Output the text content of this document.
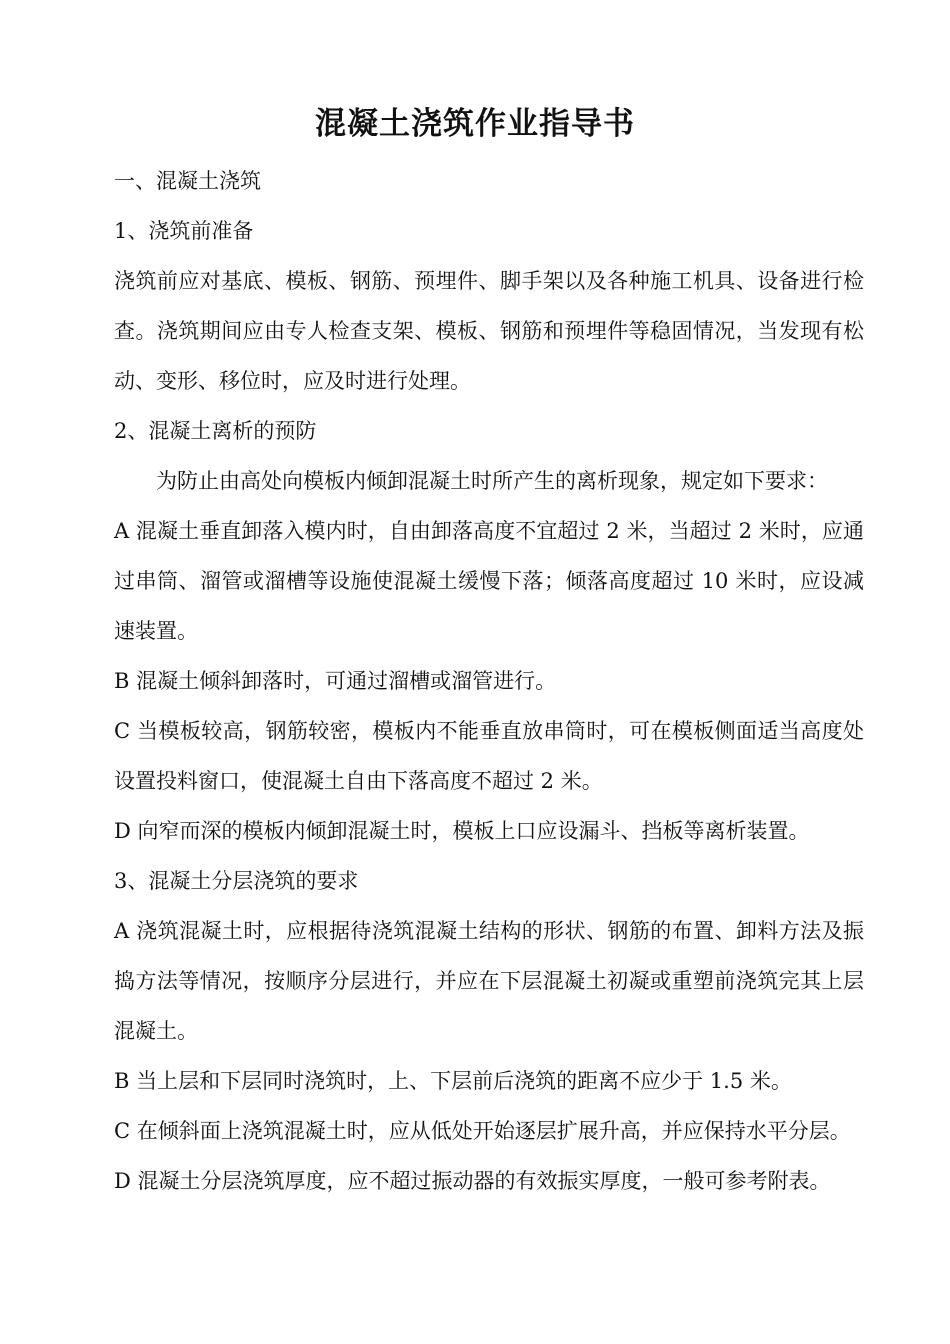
混凝土浇筑作业指导书

一、混凝土浇筑

1、浇筑前准备

浇筑前应对基底、模板、钢筋、预埋件、脚手架以及各种施工机具、设备进行检查。浇筑期间应由专人检查支架、模板、钢筋和预埋件等稳固情况，当发现有松动、变形、移位时，应及时进行处理。

2、混凝土离析的预防

为防止由高处向模板内倾卸混凝土时所产生的离析现象，规定如下要求：

A 混凝土垂直卸落入模内时，自由卸落高度不宜超过 2 米，当超过 2 米时，应通过串筒、溜管或溜槽等设施使混凝土缓慢下落；倾落高度超过 10 米时，应设减速装置。

B 混凝土倾斜卸落时，可通过溜槽或溜管进行。

C 当模板较高，钢筋较密，模板内不能垂直放串筒时，可在模板侧面适当高度处设置投料窗口，使混凝土自由下落高度不超过 2 米。

D 向窄而深的模板内倾卸混凝土时，模板上口应设漏斗、挡板等离析装置。

3、混凝土分层浇筑的要求

A 浇筑混凝土时，应根据待浇筑混凝土结构的形状、钢筋的布置、卸料方法及振捣方法等情况，按顺序分层进行，并应在下层混凝土初凝或重塑前浇筑完其上层混凝土。

B 当上层和下层同时浇筑时，上、下层前后浇筑的距离不应少于 1.5 米。

C 在倾斜面上浇筑混凝土时，应从低处开始逐层扩展升高，并应保持水平分层。

D 混凝土分层浇筑厚度，应不超过振动器的有效振实厚度，一般可参考附表。
